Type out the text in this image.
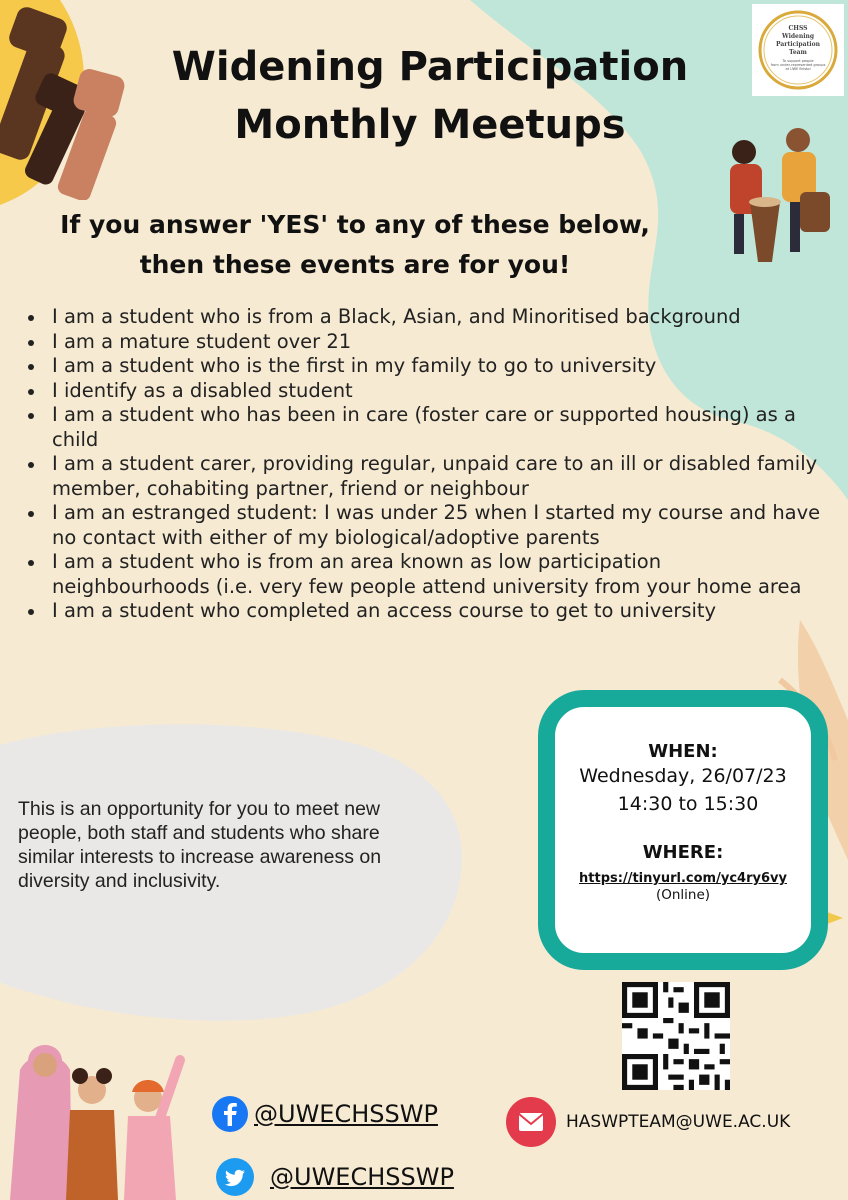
CHSS
Widening
Participation
Team
To support people
from under-represented groups
at UWE Bristol
Widening Participation
Monthly Meetups
If you answer 'YES' to any of these below,
then these events are for you!
I am a student who is from a Black, Asian, and Minoritised background
I am a mature student over 21
I am a student who is the first in my family to go to university
I identify as a disabled student
I am a student who has been in care (foster care or supported housing) as a child
I am a student carer, providing regular, unpaid care to an ill or disabled family member, cohabiting partner, friend or neighbour
I am an estranged student: I was under 25 when I started my course and have no contact with either of my biological/adoptive parents
I am a student who is from an area known as low participation neighbourhoods (i.e. very few people attend university from your home area
I am a student who completed an access course to get to university
This is an opportunity for you to meet new people, both staff and students who share similar interests to increase awareness on diversity and inclusivity.
WHEN:
Wednesday, 26/07/23
14:30 to 15:30
WHERE:
https://tinyurl.com/yc4ry6vy
(Online)
@UWECHSSWP
@UWECHSSWP
HASWPTEAM@UWE.AC.UK
